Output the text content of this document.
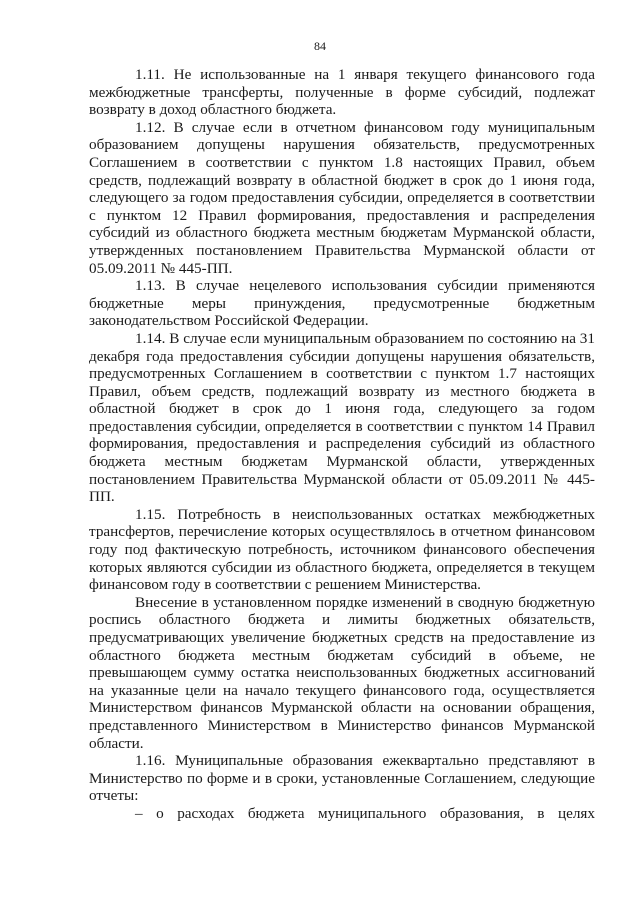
84

1.11. Не использованные на 1 января текущего финансового года межбюджетные трансферты, полученные в форме субсидий, подлежат возврату в доход областного бюджета.

1.12. В случае если в отчетном финансовом году муниципальным образованием допущены нарушения обязательств, предусмотренных Соглашением в соответствии с пунктом 1.8 настоящих Правил, объем средств, подлежащий возврату в областной бюджет в срок до 1 июня года, следующего за годом предоставления субсидии, определяется в соответствии с пунктом 12 Правил формирования, предоставления и распределения субсидий из областного бюджета местным бюджетам Мурманской области, утвержденных постановлением Правительства Мурманской области от 05.09.2011 № 445-ПП.

1.13. В случае нецелевого использования субсидии применяются бюджетные меры принуждения, предусмотренные бюджетным законодательством Российской Федерации.

1.14. В случае если муниципальным образованием по состоянию на 31 декабря года предоставления субсидии допущены нарушения обязательств, предусмотренных Соглашением в соответствии с пунктом 1.7 настоящих Правил, объем средств, подлежащий возврату из местного бюджета в областной бюджет в срок до 1 июня года, следующего за годом предоставления субсидии, определяется в соответствии с пунктом 14 Правил формирования, предоставления и распределения субсидий из областного бюджета местным бюджетам Мурманской области, утвержденных постановлением Правительства Мурманской области от 05.09.2011 № 445-ПП.

1.15. Потребность в неиспользованных остатках межбюджетных трансфертов, перечисление которых осуществлялось в отчетном финансовом году под фактическую потребность, источником финансового обеспечения которых являются субсидии из областного бюджета, определяется в текущем финансовом году в соответствии с решением Министерства.

Внесение в установленном порядке изменений в сводную бюджетную роспись областного бюджета и лимиты бюджетных обязательств, предусматривающих увеличение бюджетных средств на предоставление из областного бюджета местным бюджетам субсидий в объеме, не превышающем сумму остатка неиспользованных бюджетных ассигнований на указанные цели на начало текущего финансового года, осуществляется Министерством финансов Мурманской области на основании обращения, представленного Министерством в Министерство финансов Мурманской области.

1.16. Муниципальные образования ежеквартально представляют в Министерство по форме и в сроки, установленные Соглашением, следующие отчеты:

– о расходах бюджета муниципального образования, в целях
